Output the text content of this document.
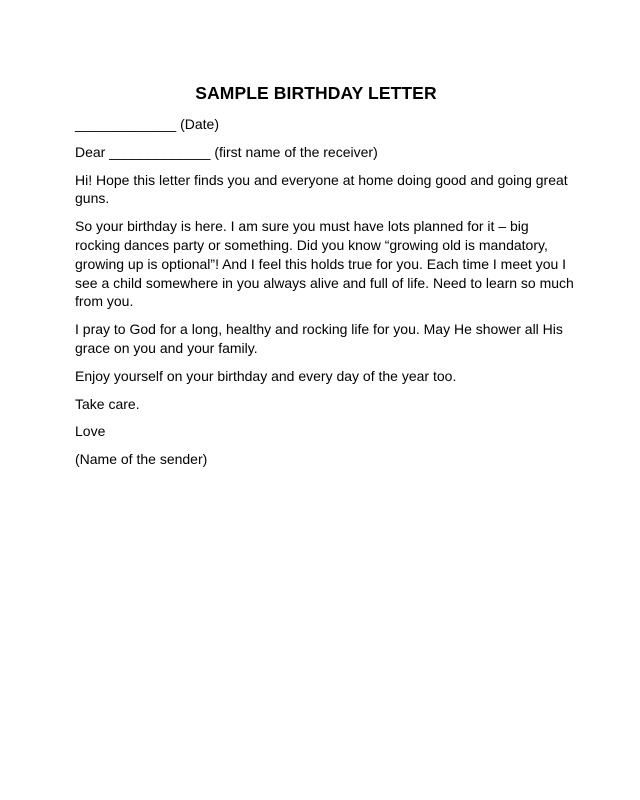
SAMPLE BIRTHDAY LETTER

_____________ (Date)

Dear _____________ (first name of the receiver)

Hi! Hope this letter finds you and everyone at home doing good and going great guns.

So your birthday is here. I am sure you must have lots planned for it – big rocking dances party or something. Did you know “growing old is mandatory, growing up is optional”! And I feel this holds true for you. Each time I meet you I see a child somewhere in you always alive and full of life. Need to learn so much from you.

I pray to God for a long, healthy and rocking life for you. May He shower all His grace on you and your family.

Enjoy yourself on your birthday and every day of the year too.

Take care.

Love

(Name of the sender)
